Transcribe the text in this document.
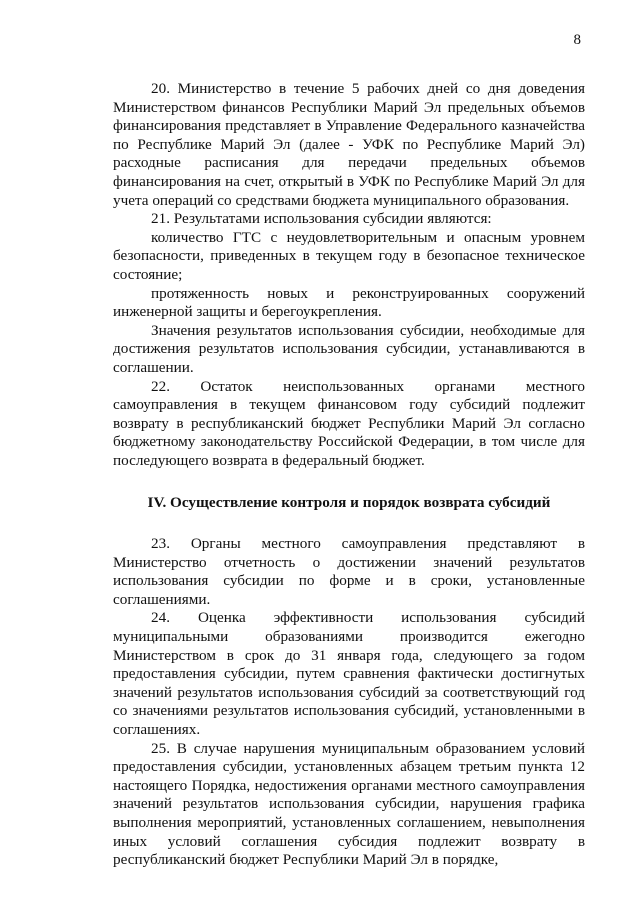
8

20. Министерство в течение 5 рабочих дней со дня доведения Министерством финансов Республики Марий Эл предельных объемов финансирования представляет в Управление Федерального казначейства по Республике Марий Эл (далее - УФК по Республике Марий Эл) расходные расписания для передачи предельных объемов финансирования на счет, открытый в УФК по Республике Марий Эл для учета операций со средствами бюджета муниципального образования.

21. Результатами использования субсидии являются:

количество ГТС с неудовлетворительным и опасным уровнем безопасности, приведенных в текущем году в безопасное техническое состояние;

протяженность новых и реконструированных сооружений инженерной защиты и берегоукрепления.

Значения результатов использования субсидии, необходимые для достижения результатов использования субсидии, устанавливаются в соглашении.

22. Остаток неиспользованных органами местного самоуправления в текущем финансовом году субсидий подлежит возврату в республиканский бюджет Республики Марий Эл согласно бюджетному законодательству Российской Федерации, в том числе для последующего возврата в федеральный бюджет.

IV. Осуществление контроля и порядок возврата субсидий

23. Органы местного самоуправления представляют в Министерство отчетность о достижении значений результатов использования субсидии по форме и в сроки, установленные соглашениями.

24. Оценка эффективности использования субсидий муниципальными образованиями производится ежегодно Министерством в срок до 31 января года, следующего за годом предоставления субсидии, путем сравнения фактически достигнутых значений результатов использования субсидий за соответствующий год со значениями результатов использования субсидий, установленными в соглашениях.

25. В случае нарушения муниципальным образованием условий предоставления субсидии, установленных абзацем третьим пункта 12 настоящего Порядка, недостижения органами местного самоуправления значений результатов использования субсидии, нарушения графика выполнения мероприятий, установленных соглашением, невыполнения иных условий соглашения субсидия подлежит возврату в республиканский бюджет Республики Марий Эл в порядке,
